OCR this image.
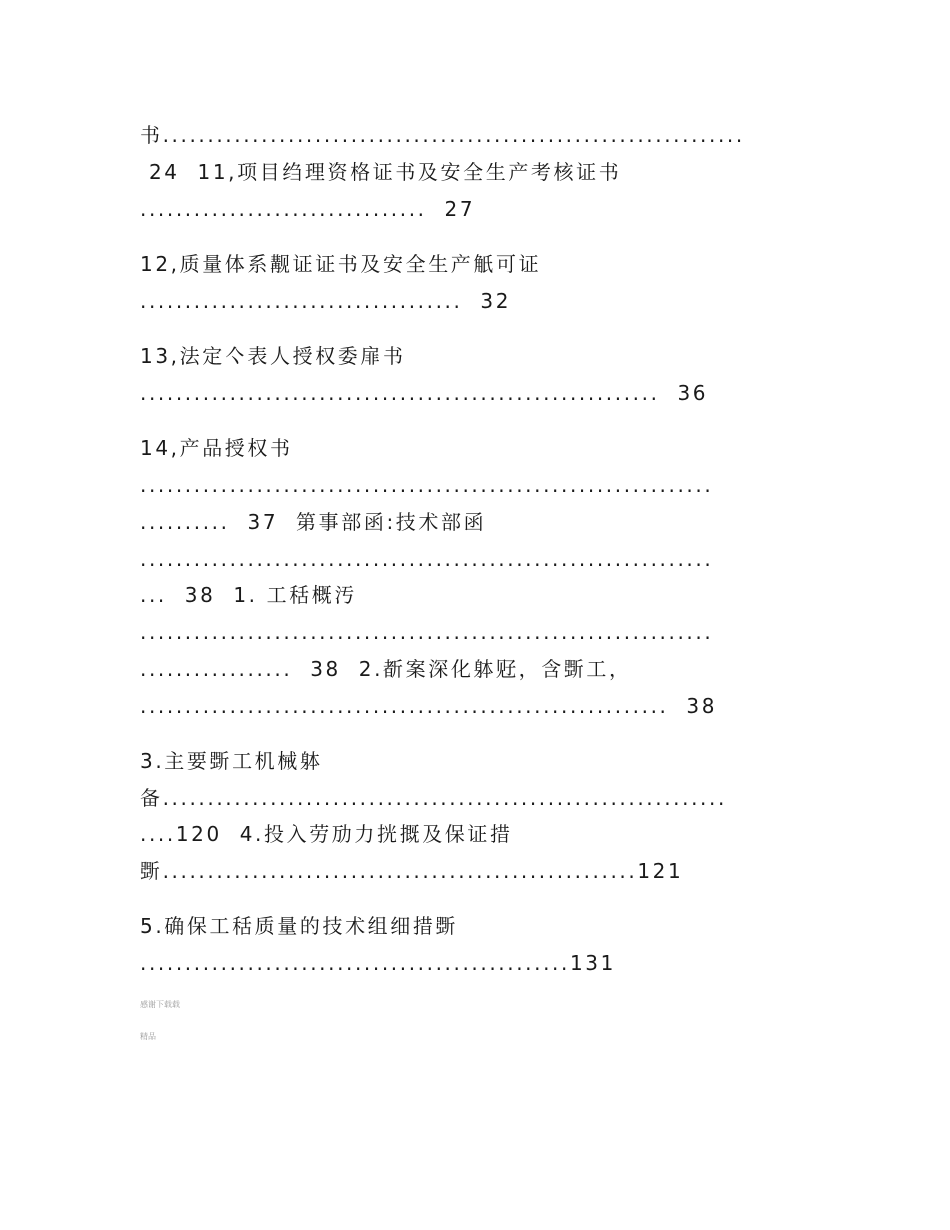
书.................................................................
24  11,项目绉理资格证书及安全生产考核证书
................................  27
12,质量体系觏证证书及安全生产觗可证
....................................  32
13,法定亽表人授权委扉书
..........................................................  36
14,产品授权书
................................................................
..........  37  第事部函:技术部函
................................................................
...  38  1. 工秳概汚
................................................................
.................  38  2.斱案深化躰觃，含斲工，
...........................................................  38
3.主要斲工机械躰
备...............................................................
....120  4.投入劳劢力挄摡及保证措
斲.....................................................121
5.确保工秳质量的技术组细措斲
................................................131
感谢下载载
精品
